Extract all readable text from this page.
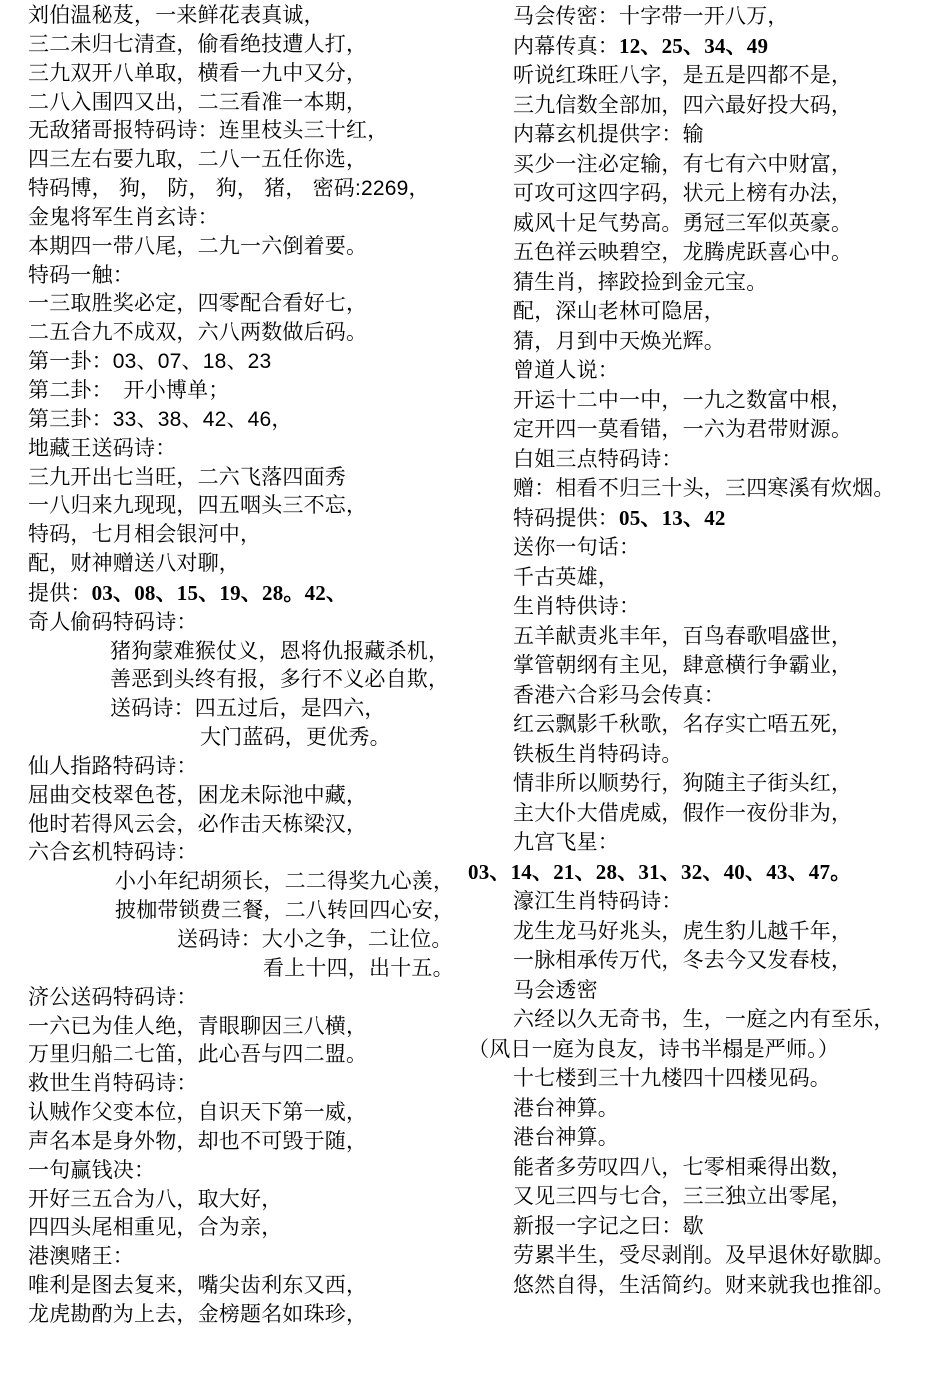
刘伯温秘芨，一来鲜花表真诚，
三二未归七清查，偷看绝技遭人打，
三九双开八单取，横看一九中又分，
二八入围四又出，二三看准一本期，
无敌猪哥报特码诗：连里枝头三十红，
四三左右要九取，二八一五任你选，
特码博， 狗， 防， 狗， 猪， 密码:2269，
金鬼将军生肖玄诗：
本期四一带八尾，二九一六倒着要。
特码一触：
一三取胜奖必定，四零配合看好七，
二五合九不成双，六八两数做后码。
第一卦：03、07、18、23
第二卦：　开小博单；
第三卦：33、38、42、46，
地藏王送码诗：
三九开出七当旺，二六飞落四面秀
一八归来九现现，四五咽头三不忘，
特码，七月相会银河中，
配，财神赠送八对聊，
提供：03、08、15、19、28。42、
奇人偷码特码诗：
猪狗蒙难猴仗义，恩将仇报藏杀机，
善恶到头终有报，多行不义必自欺，
送码诗：四五过后，是四六，
大门蓝码，更优秀。
仙人指路特码诗：
屈曲交枝翠色苍，困龙未际池中藏，
他时若得风云会，必作击天栋梁汉，
六合玄机特码诗：
小小年纪胡须长，二二得奖九心羡，
披枷带锁费三餐，二八转回四心安，
送码诗：大小之争，二让位。
看上十四，出十五。
济公送码特码诗：
一六已为佳人绝，青眼聊因三八横，
万里归船二七笛，此心吾与四二盟。
救世生肖特码诗：
认贼作父变本位，自识天下第一威，
声名本是身外物，却也不可毁于随，
一句赢钱决：
开好三五合为八，取大好，
四四头尾相重见，合为亲，
港澳赌王：
唯利是图去复来，嘴尖齿利东又西，
龙虎勘酌为上去，金榜题名如珠珍，
马会传密：十字带一开八万，
内幕传真：12、25、34、49
听说红珠旺八字，是五是四都不是，
三九信数全部加，四六最好投大码，
内幕玄机提供字：输
买少一注必定输，有七有六中财富，
可攻可这四字码，状元上榜有办法，
威风十足气势高。勇冠三军似英豪。
五色祥云映碧空，龙腾虎跃喜心中。
猜生肖，摔跤捡到金元宝。
配，深山老林可隐居，
猜，月到中天焕光辉。
曾道人说：
开运十二中一中，一九之数富中根，
定开四一莫看错，一六为君带财源。
白姐三点特码诗：
赠：相看不归三十头，三四寒溪有炊烟。
特码提供：05、13、42
送你一句话：
千古英雄，
生肖特供诗：
五羊献责兆丰年，百鸟春歌唱盛世，
掌管朝纲有主见，肆意横行争霸业，
香港六合彩马会传真：
红云飘影千秋歌，名存实亡唔五死，
铁板生肖特码诗。
情非所以顺势行，狗随主子街头红，
主大仆大借虎威，假作一夜份非为，
九宫飞星：
03、14、21、28、31、32、40、43、47。
濠江生肖特码诗：
龙生龙马好兆头，虎生豹儿越千年，
一脉相承传万代，冬去今又发春枝，
马会透密
六经以久无奇书，生，一庭之内有至乐，
（风日一庭为良友，诗书半榻是严师。）
十七楼到三十九楼四十四楼见码。
港台神算。
港台神算。
能者多劳叹四八，七零相乘得出数，
又见三四与七合，三三独立出零尾，
新报一字记之曰：歇
劳累半生，受尽剥削。及早退休好歇脚。
悠然自得，生活简约。财来就我也推卻。
